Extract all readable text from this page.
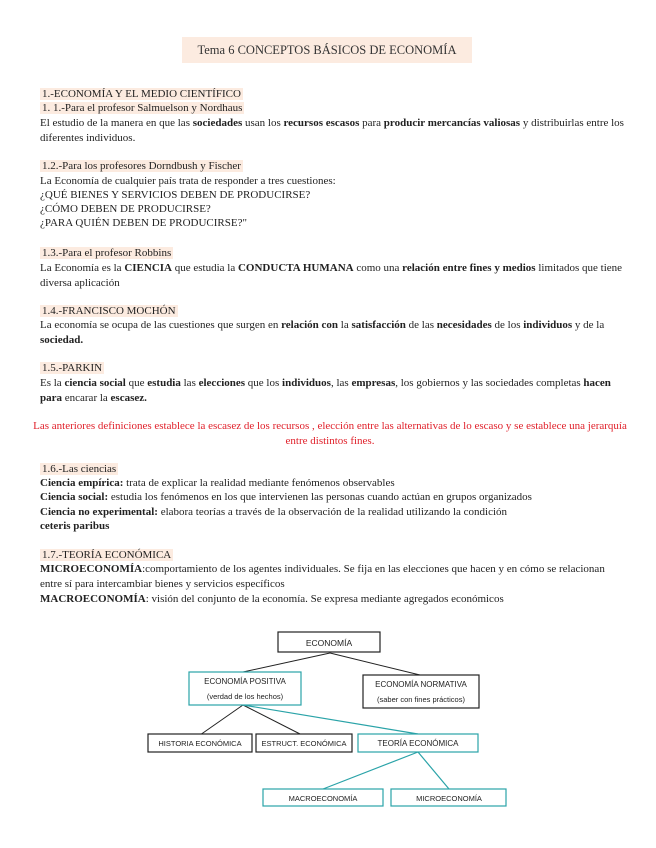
Tema 6 CONCEPTOS BÁSICOS DE ECONOMÍA
1.-ECONOMÍA Y EL MEDIO CIENTÍFICO
1. 1.-Para el profesor Salmuelson y Nordhaus
El estudio de la manera en que las sociedades usan los recursos escasos para producir mercancías valiosas y distribuirlas entre los diferentes individuos.
1.2.-Para los profesores Dorndbush y Fischer
La Economía de cualquier país trata de responder a tres cuestiones:
¿QUÉ BIENES Y SERVICIOS DEBEN DE PRODUCIRSE?
¿CÓMO DEBEN DE PRODUCIRSE?
¿PARA QUIÉN DEBEN DE PRODUCIRSE?"
1.3.-Para el profesor Robbins
La Economía es la CIENCIA que estudia la CONDUCTA HUMANA como una relación entre fines y medios limitados que tiene diversa aplicación
1.4.-FRANCISCO MOCHÓN
La economía se ocupa de las cuestiones que surgen en relación con la satisfacción de las necesidades de los individuos y de la sociedad.
1.5.-PARKIN
Es la ciencia social que estudia las elecciones que los individuos, las empresas, los gobiernos y las sociedades completas hacen para encarar la escasez.
Las anteriores definiciones establece la escasez de los recursos , elección entre las alternativas de lo escaso y se establece una jerarquía entre distintos fines.
1.6.-Las ciencias
Ciencia empírica: trata de explicar la realidad mediante fenómenos observables
Ciencia social: estudia los fenómenos en los que intervienen las personas cuando actúan en grupos organizados
Ciencia no experimental: elabora teorías a través de la observación de la realidad utilizando la condición
ceteris paribus
1.7.-TEORÍA ECONÓMICA
MICROECONOMÍA:comportamiento de los agentes individuales. Se fija en las elecciones que hacen y en cómo se relacionan entre sí para intercambiar bienes y servicios específicos
MACROECONOMÍA: visión del conjunto de la economía. Se expresa mediante agregados económicos
ECONOMÍA
ECONOMÍA POSITIVA
(verdad de los hechos)
ECONOMÍA NORMATIVA
(saber con fines prácticos)
HISTORIA ECONÓMICA	ESTRUCT. ECONÓMICA	TEORÍA ECONÓMICA
MACROECONOMÍA	MICROECONOMÍA
